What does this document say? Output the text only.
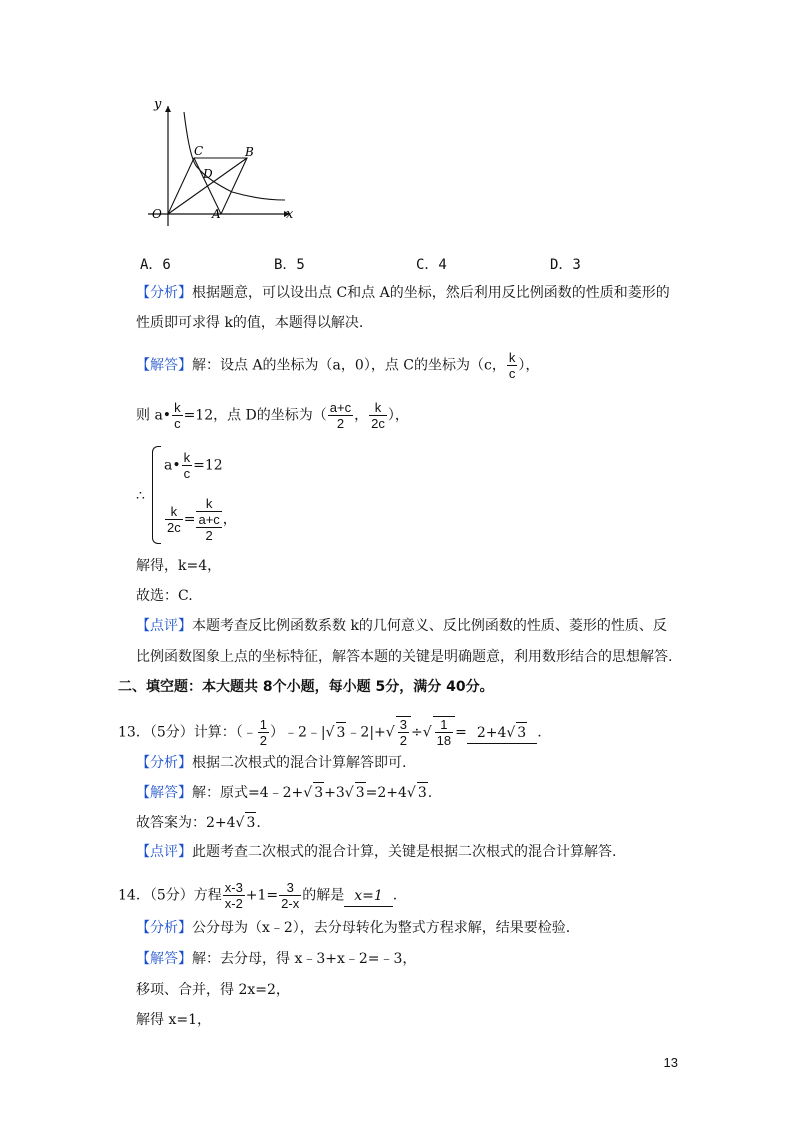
y
x
O	A
B
C
D
A．6	B．5	C．4	D．3
【分析】根据题意，可以设出点 C和点 A的坐标，然后利用反比例函数的性质和菱形的
性质即可求得 k的值，本题得以解决.
【解答】解：设点 A的坐标为（a，0），点 C的坐标为（c， $\frac{k}{c}$ ），
则 a• $\frac{k}{c} =12$，点 D的坐标为（ $\frac{a+c}{2}$ ， $\frac{k}{2c}$ ），
∴
a• $\frac{k}{c} =12$
$\frac{k}{2c}$ =
k
a+c
2
，
解得，k=4，
故选：C.
【点评】本题考查反比例函数系数 k的几何意义、反比例函数的性质、菱形的性质、反
比例函数图象上点的坐标特征，解答本题的关键是明确题意，利用数形结合的思想解答.
二、填空题：本大题共 8个小题，每小题 5分，满分 40分。
13．（5分）计算：（﹣ $\frac{1}{2}$ ）﹣2﹣|√ 3﹣2|+√ $\frac{3}{2}$ ÷√ $\frac{1}{18} = 2+4√$ 3 .
【分析】根据二次根式的混合计算解答即可.
【解答】解：原式=4﹣2+√ 3+3√ 3=2+4√ 3.
故答案为：2+4√ 3.
【点评】此题考查二次根式的混合计算，关键是根据二次根式的混合计算解答.
14．（5分）方程 $\frac{x-3}{x-2} +1= \frac{3}{2-x}$ 的解是 x=1 .
【分析】公分母为（x﹣2），去分母转化为整式方程求解，结果要检验.
【解答】解：去分母，得 x﹣3+x﹣2=﹣3，
移项、合并，得 2x=2，
解得 x=1，
13
